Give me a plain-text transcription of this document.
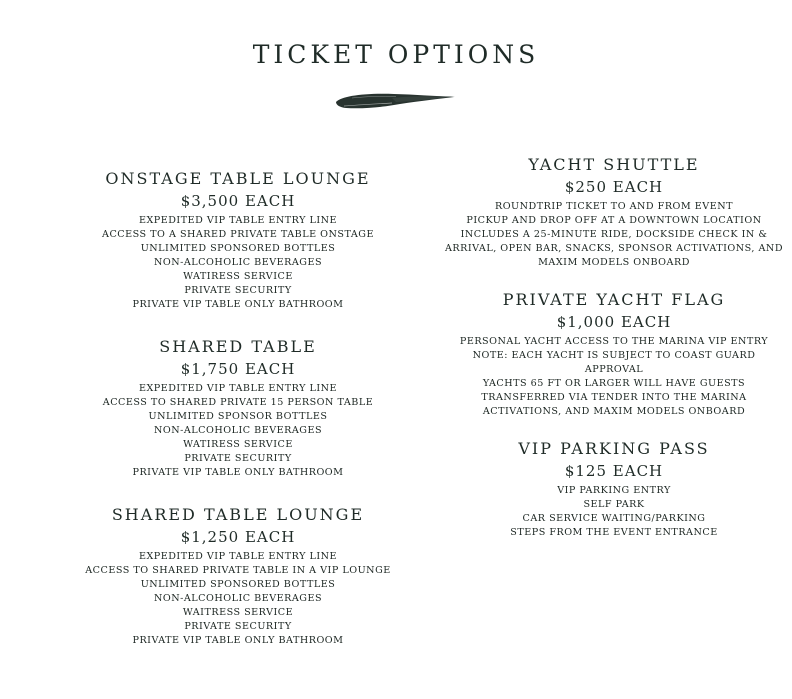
TICKET OPTIONS
ONSTAGE TABLE LOUNGE
$3,500 EACH
EXPEDITED VIP TABLE ENTRY LINE
ACCESS TO A SHARED PRIVATE TABLE ONSTAGE
UNLIMITED SPONSORED BOTTLES
NON-ALCOHOLIC BEVERAGES
WATIRESS SERVICE
PRIVATE SECURITY
PRIVATE VIP TABLE ONLY BATHROOM
SHARED TABLE
$1,750 EACH
EXPEDITED VIP TABLE ENTRY LINE
ACCESS TO SHARED PRIVATE 15 PERSON TABLE
UNLIMITED SPONSOR BOTTLES
NON-ALCOHOLIC BEVERAGES
WATIRESS SERVICE
PRIVATE SECURITY
PRIVATE VIP TABLE ONLY BATHROOM
SHARED TABLE LOUNGE
$1,250 EACH
EXPEDITED VIP TABLE ENTRY LINE
ACCESS TO SHARED PRIVATE TABLE IN A VIP LOUNGE
UNLIMITED SPONSORED BOTTLES
NON-ALCOHOLIC BEVERAGES
WAITRESS SERVICE
PRIVATE SECURITY
PRIVATE VIP TABLE ONLY BATHROOM
YACHT SHUTTLE
$250 EACH
ROUNDTRIP TICKET TO AND FROM EVENT
PICKUP AND DROP OFF AT A DOWNTOWN LOCATION
INCLUDES A 25-MINUTE RIDE, DOCKSIDE CHECK IN &
ARRIVAL, OPEN BAR, SNACKS, SPONSOR ACTIVATIONS, AND
MAXIM MODELS ONBOARD
PRIVATE YACHT FLAG
$1,000 EACH
PERSONAL YACHT ACCESS TO THE MARINA VIP ENTRY
NOTE: EACH YACHT IS SUBJECT TO COAST GUARD
APPROVAL
YACHTS 65 FT OR LARGER WILL HAVE GUESTS
TRANSFERRED VIA TENDER INTO THE MARINA
ACTIVATIONS, AND MAXIM MODELS ONBOARD
VIP PARKING PASS
$125 EACH
VIP PARKING ENTRY
SELF PARK
CAR SERVICE WAITING/PARKING
STEPS FROM THE EVENT ENTRANCE
